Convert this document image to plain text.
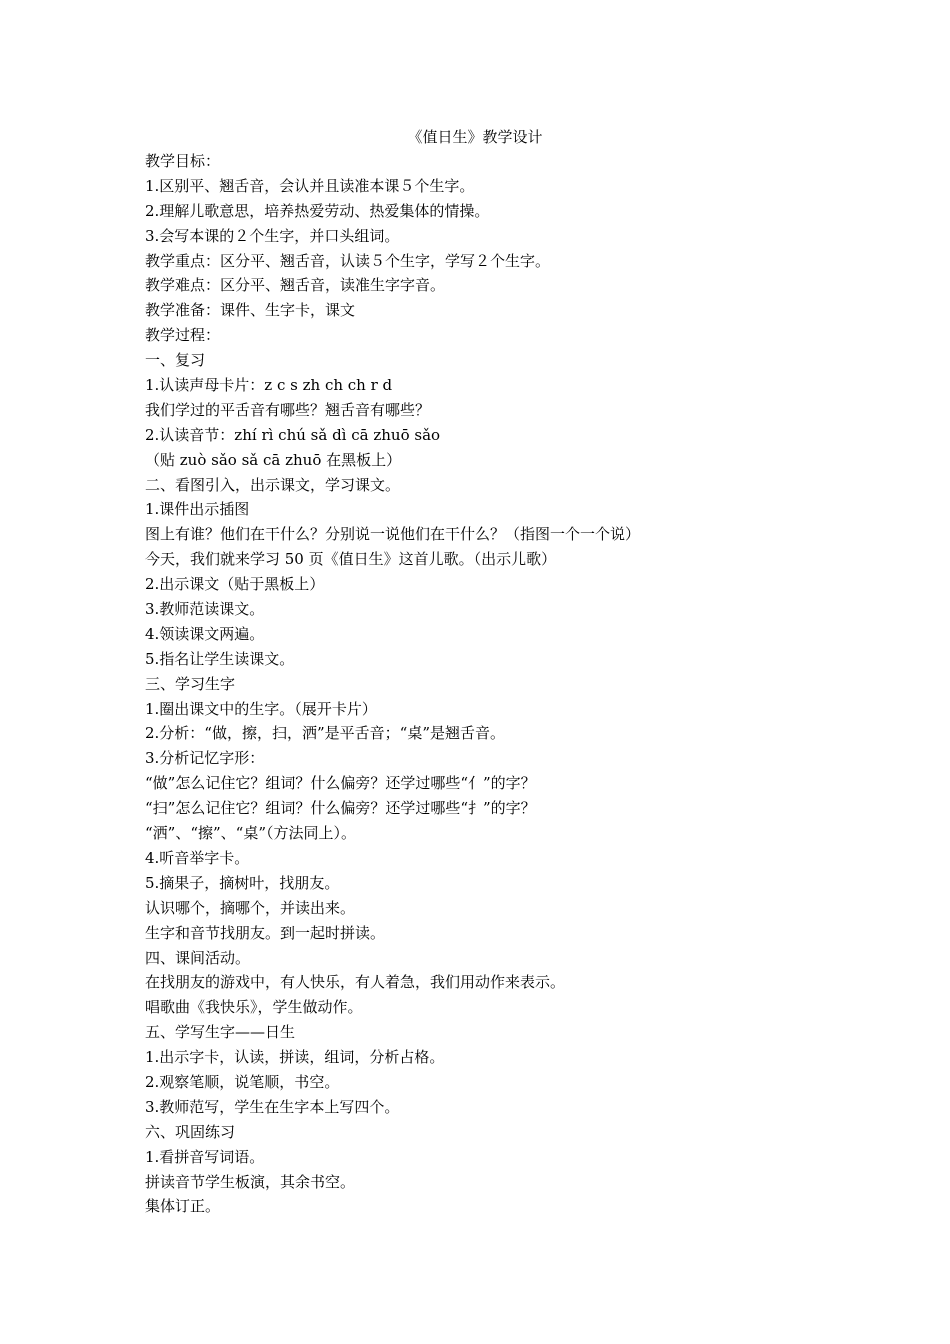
《值日生》教学设计
教学目标：
1.区别平、翘舌音，会认并且读准本课５个生字。
2.理解儿歌意思，培养热爱劳动、热爱集体的情操。
3.会写本课的２个生字，并口头组词。
教学重点：区分平、翘舌音，认读５个生字，学写２个生字。
教学难点：区分平、翘舌音，读准生字字音。
教学准备：课件、生字卡，课文
教学过程：
一、复习
1.认读声母卡片：z c s zh ch ch r d
我们学过的平舌音有哪些？翘舌音有哪些？
2.认读音节：zhí rì chú sǎ dì cā zhuō sǎo
（贴 zuò sǎo sǎ cā zhuō 在黑板上）
二、看图引入，出示课文，学习课文。
1.课件出示插图
图上有谁？他们在干什么？分别说一说他们在干什么？（指图一个一个说）
今天，我们就来学习 50 页《值日生》这首儿歌。（出示儿歌）
2.出示课文（贴于黑板上）
3.教师范读课文。
4.领读课文两遍。
5.指名让学生读课文。
三、学习生字
1.圈出课文中的生字。（展开卡片）
2.分析：“做，擦，扫，洒”是平舌音；“桌”是翘舌音。
3.分析记忆字形：
“做”怎么记住它？组词？什么偏旁？还学过哪些“亻”的字？
“扫”怎么记住它？组词？什么偏旁？还学过哪些“扌”的字？
“洒”、“擦”、“桌”（方法同上）。
4.听音举字卡。
5.摘果子，摘树叶，找朋友。
认识哪个，摘哪个，并读出来。
生字和音节找朋友。到一起时拼读。
四、课间活动。
在找朋友的游戏中，有人快乐，有人着急，我们用动作来表示。
唱歌曲《我快乐》，学生做动作。
五、学写生字——日生
1.出示字卡，认读，拼读，组词，分析占格。
2.观察笔顺，说笔顺，书空。
3.教师范写，学生在生字本上写四个。
六、巩固练习
1.看拼音写词语。
拼读音节学生板演，其余书空。
集体订正。
